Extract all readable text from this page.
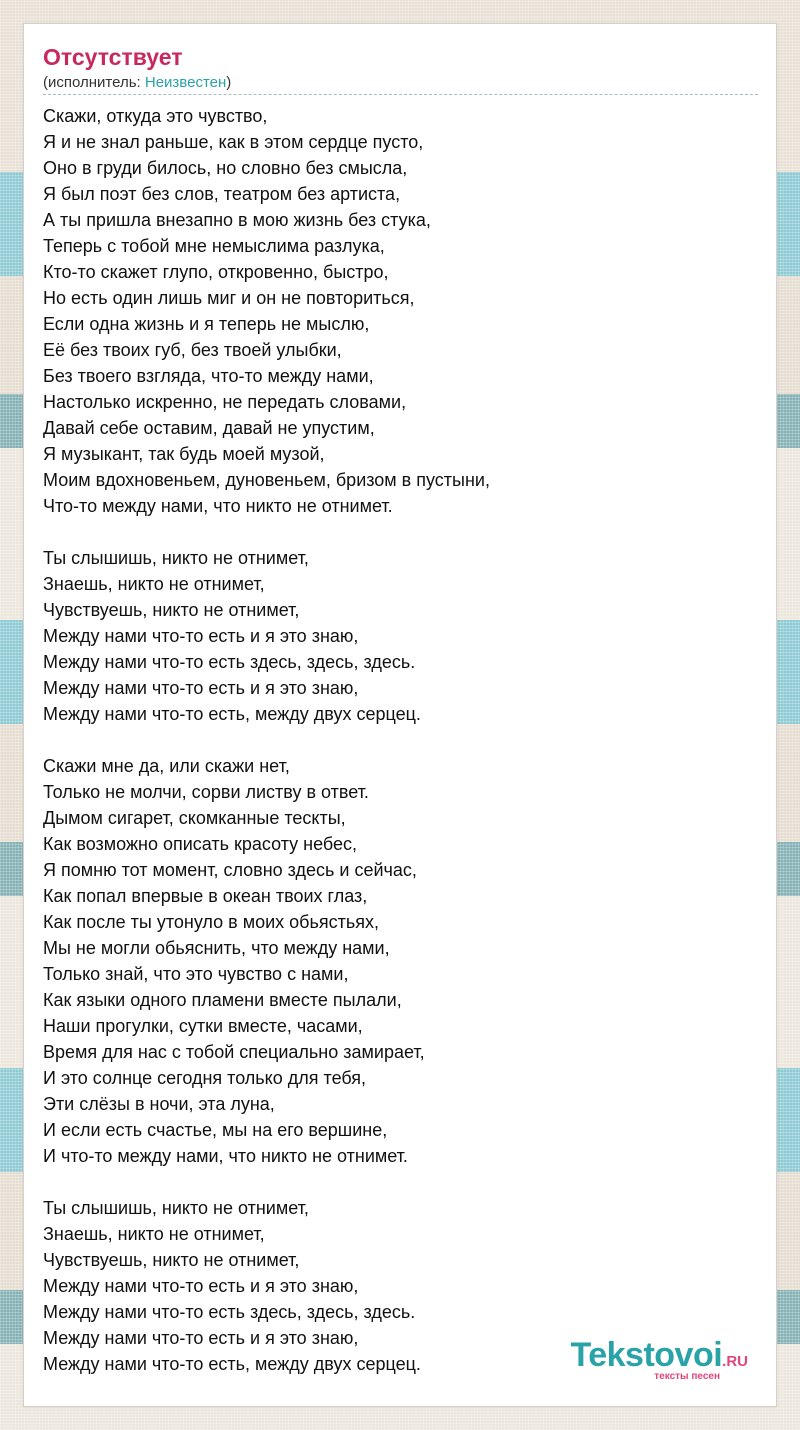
Отсутствует
(исполнитель: Неизвестен)
Скажи, откуда это чувство,
Я и не знал раньше, как в этом сердце пусто,
Оно в груди билось, но словно без смысла,
Я был поэт без слов, театром без артиста,
А ты пришла внезапно в мою жизнь без стука,
Теперь с тобой мне немыслима разлука,
Кто-то скажет глупо, откровенно, быстро,
Но есть один лишь миг и он не повториться,
Если одна жизнь и я теперь не мыслю,
Её без твоих губ, без твоей улыбки,
Без твоего взгляда, что-то между нами,
Настолько искренно, не передать словами,
Давай себе оставим, давай не упустим,
Я музыкант, так будь моей музой,
Моим вдохновеньем, дуновеньем, бризом в пустыни,
Что-то между нами, что никто не отнимет.
Ты слышишь, никто не отнимет,
Знаешь, никто не отнимет,
Чувствуешь, никто не отнимет,
Между нами что-то есть и я это знаю,
Между нами что-то есть здесь, здесь, здесь.
Между нами что-то есть и я это знаю,
Между нами что-то есть, между двух серцец.
Скажи мне да, или скажи нет,
Только не молчи, сорви листву в ответ.
Дымом сигарет, скомканные тескты,
Как возможно описать красоту небес,
Я помню тот момент, словно здесь и сейчас,
Как попал впервые в океан твоих глаз,
Как после ты утонуло в моих обьястьях,
Мы не могли обьяснить, что между нами,
Только знай, что это чувство с нами,
Как языки одного пламени вместе пылали,
Наши прогулки, сутки вместе, часами,
Время для нас с тобой специально замирает,
И это солнце сегодня только для тебя,
Эти слёзы в ночи, эта луна,
И если есть счастье, мы на его вершине,
И что-то между нами, что никто не отнимет.
Ты слышишь, никто не отнимет,
Знаешь, никто не отнимет,
Чувствуешь, никто не отнимет,
Между нами что-то есть и я это знаю,
Между нами что-то есть здесь, здесь, здесь.
Между нами что-то есть и я это знаю,
Между нами что-то есть, между двух серцец.	Tekstovoi.RU
тексты песен
